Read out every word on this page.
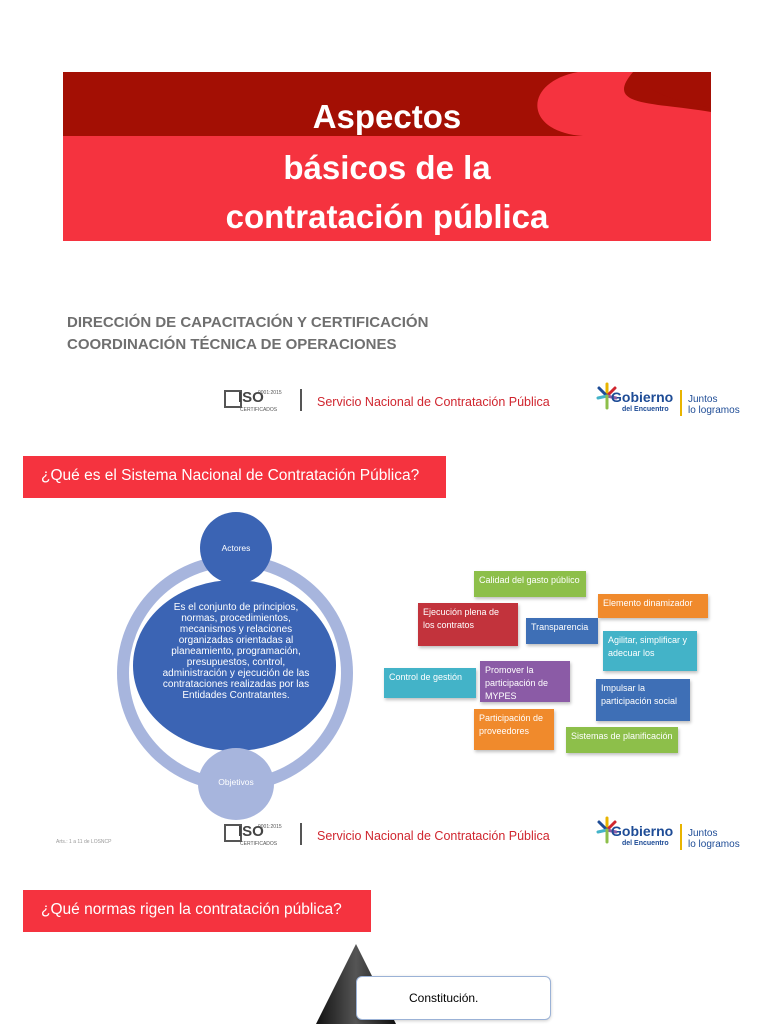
Aspectos
básicos de la
contratación pública
DIRECCIÓN DE CAPACITACIÓN Y CERTIFICACIÓN
COORDINACIÓN TÉCNICA DE OPERACIONES
ISO
9001:2015
CERTIFICADOS
Servicio Nacional de Contratación Pública	Gobierno
del Encuentro
Juntos
lo logramos
¿Qué es el Sistema Nacional de Contratación Pública?
Es el conjunto de principios, normas, procedimientos, mecanismos y relaciones organizadas orientadas al planeamiento, programación, presupuestos, control, administración y ejecución de las contrataciones realizadas por las Entidades Contratantes.
Actores
Objetivos
Calidad del gasto público
Ejecución plena de los contratos	Transparencia
Elemento dinamizador
Agilitar, simplificar y adecuar los
Control de gestión
Promover la participación de MYPES
Impulsar la participación social
Participación de proveedores	Sistemas de planificación
Arts.: 1 a 11 de LOSNCP
ISO
9001:2015
CERTIFICADOS
Servicio Nacional de Contratación Pública	Gobierno
del Encuentro
Juntos
lo logramos
¿Qué normas rigen la contratación pública?
Constitución.
